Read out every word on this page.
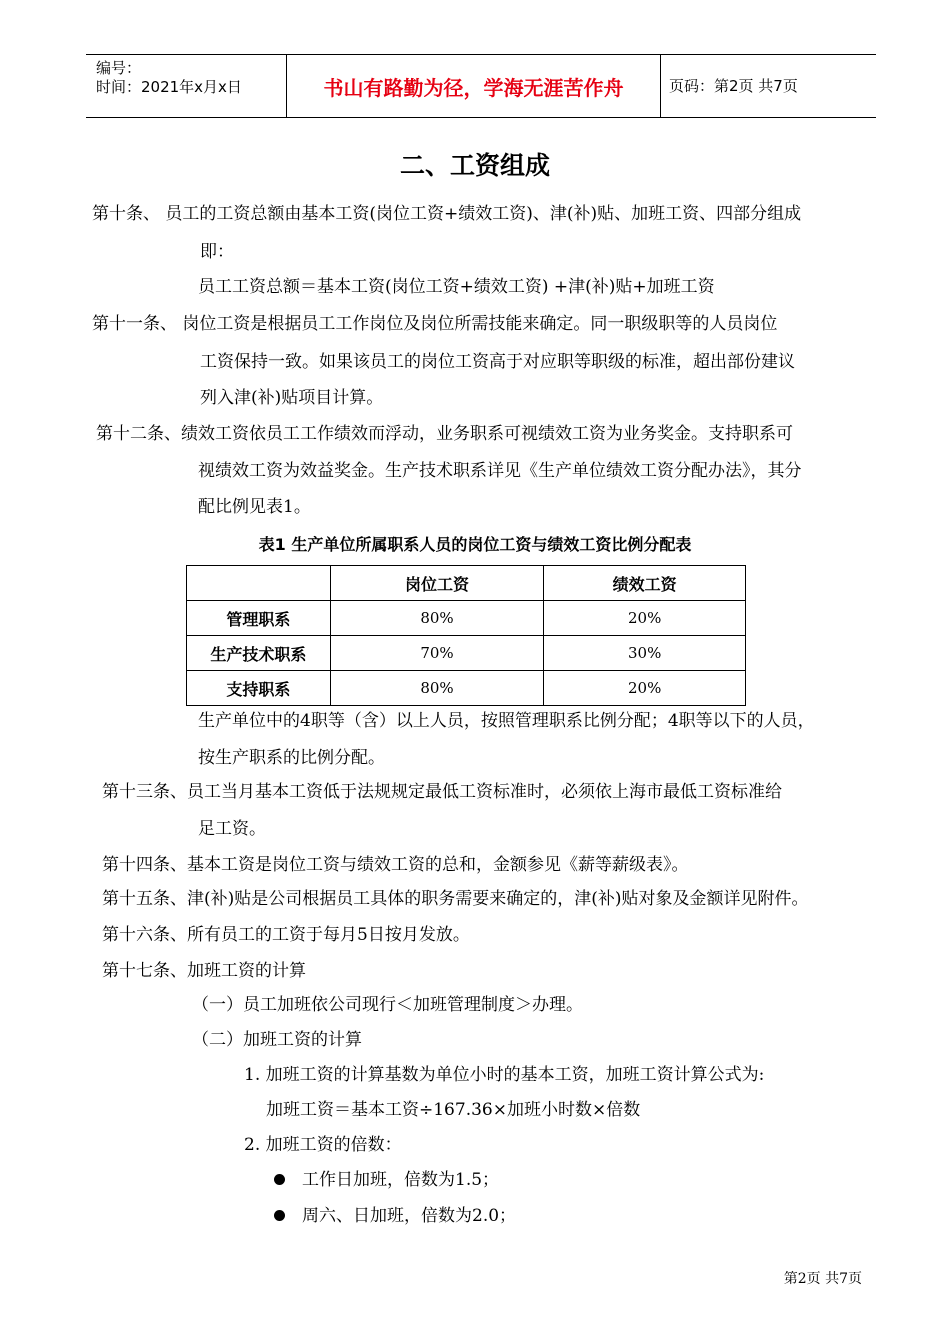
编号：
时间：2021年x月x日	书山有路勤为径，学海无涯苦作舟	页码：第2页 共7页
二、工资组成
第十条、 员工的工资总额由基本工资(岗位工资+绩效工资)、津(补)贴、加班工资、四部分组成
即：
员工工资总额＝基本工资(岗位工资+绩效工资) +津(补)贴+加班工资
第十一条、 岗位工资是根据员工工作岗位及岗位所需技能来确定。同一职级职等的人员岗位
工资保持一致。如果该员工的岗位工资高于对应职等职级的标准，超出部份建议
列入津(补)贴项目计算。
第十二条、绩效工资依员工工作绩效而浮动，业务职系可视绩效工资为业务奖金。支持职系可
视绩效工资为效益奖金。生产技术职系详见《生产单位绩效工资分配办法》，其分
配比例见表1。
表1 生产单位所属职系人员的岗位工资与绩效工资比例分配表
	岗位工资	绩效工资
管理职系	80%	20%
生产技术职系	70%	30%
支持职系	80%	20%
生产单位中的4职等（含）以上人员，按照管理职系比例分配；4职等以下的人员，
按生产职系的比例分配。
第十三条、员工当月基本工资低于法规规定最低工资标准时，必须依上海市最低工资标准给
足工资。
第十四条、基本工资是岗位工资与绩效工资的总和，金额参见《薪等薪级表》。
第十五条、津(补)贴是公司根据员工具体的职务需要来确定的，津(补)贴对象及金额详见附件。
第十六条、所有员工的工资于每月5日按月发放。
第十七条、加班工资的计算
（一）员工加班依公司现行＜加班管理制度＞办理。
（二）加班工资的计算
1. 加班工资的计算基数为单位小时的基本工资，加班工资计算公式为:
加班工资＝基本工资÷167.36×加班小时数×倍数
2. 加班工资的倍数：
工作日加班，倍数为1.5；
周六、日加班，倍数为2.0；
第2页 共7页
